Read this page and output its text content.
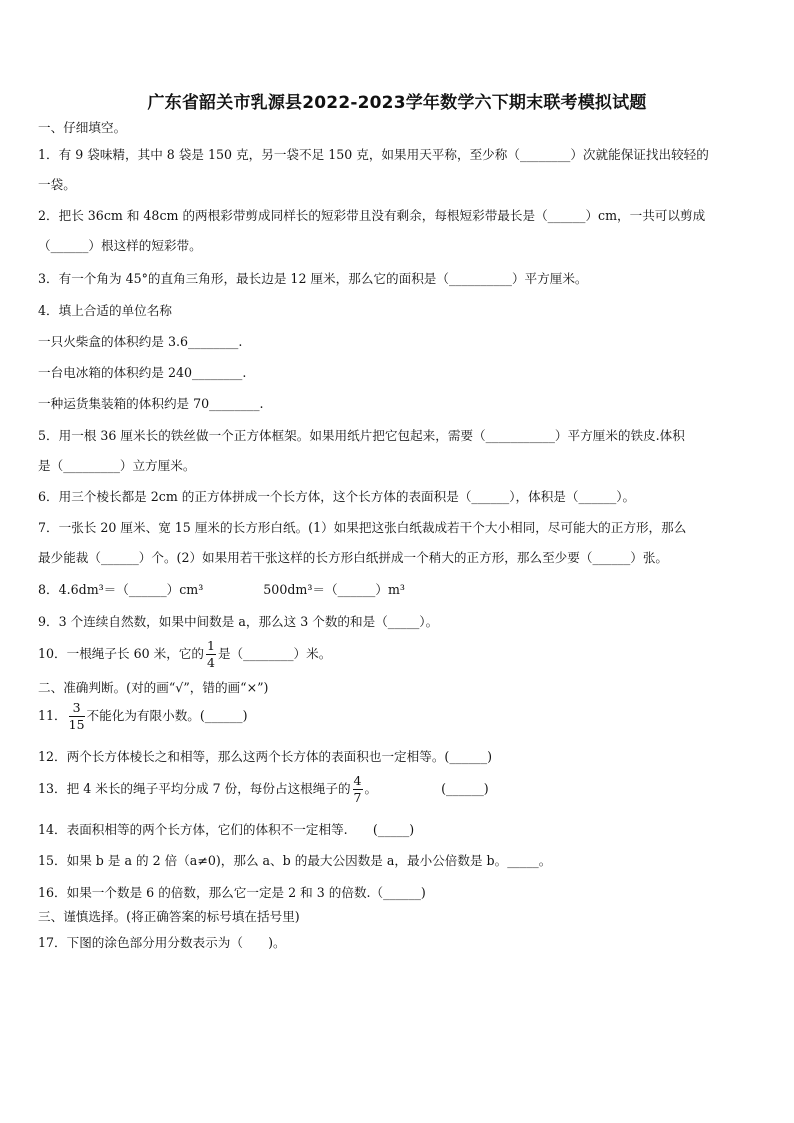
广东省韶关市乳源县2022-2023学年数学六下期末联考模拟试题
一、仔细填空。
1．有 9 袋味精，其中 8 袋是 150 克，另一袋不足 150 克，如果用天平称，至少称（________）次就能保证找出较轻的
一袋。
2．把长 36cm 和 48cm 的两根彩带剪成同样长的短彩带且没有剩余，每根短彩带最长是（______）cm，一共可以剪成
（______）根这样的短彩带。
3．有一个角为 45°的直角三角形，最长边是 12 厘米，那么它的面积是（__________）平方厘米。
4．填上合适的单位名称
一只火柴盒的体积约是 3.6________.
一台电冰箱的体积约是 240________.
一种运货集装箱的体积约是 70________.
5．用一根 36 厘米长的铁丝做一个正方体框架。如果用纸片把它包起来，需要（___________）平方厘米的铁皮.体积
是（_________）立方厘米。
6．用三个棱长都是 2cm 的正方体拼成一个长方体，这个长方体的表面积是（______），体积是（______）。
7．一张长 20 厘米、宽 15 厘米的长方形白纸。(1）如果把这张白纸裁成若干个大小相同，尽可能大的正方形，那么
最少能裁（______）个。(2）如果用若干张这样的长方形白纸拼成一个稍大的正方形，那么至少要（______）张。
8．4.6dm³＝（______）cm³	500dm³＝（______）m³
9．3 个连续自然数，如果中间数是 a，那么这 3 个数的和是（_____）。
10．一根绳子长 60 米，它的 $\frac{1}{4}$ 是（________）米。
二、准确判断。(对的画“√”，错的画“×”)
11． $\frac{3}{15}$ 不能化为有限小数。(______)
12．两个长方体棱长之和相等，那么这两个长方体的表面积也一定相等。(______)
13．把 4 米长的绳子平均分成 7 份，每份占这根绳子的 $\frac{4}{7}$ 。	(______)
14．表面积相等的两个长方体，它们的体积不一定相等.　　(_____)
15．如果 b 是 a 的 2 倍（a≠0)，那么 a、b 的最大公因数是 a，最小公倍数是 b。_____。
16．如果一个数是 6 的倍数，那么它一定是 2 和 3 的倍数.（______)
三、谨慎选择。(将正确答案的标号填在括号里)
17．下图的涂色部分用分数表示为（　　)。
